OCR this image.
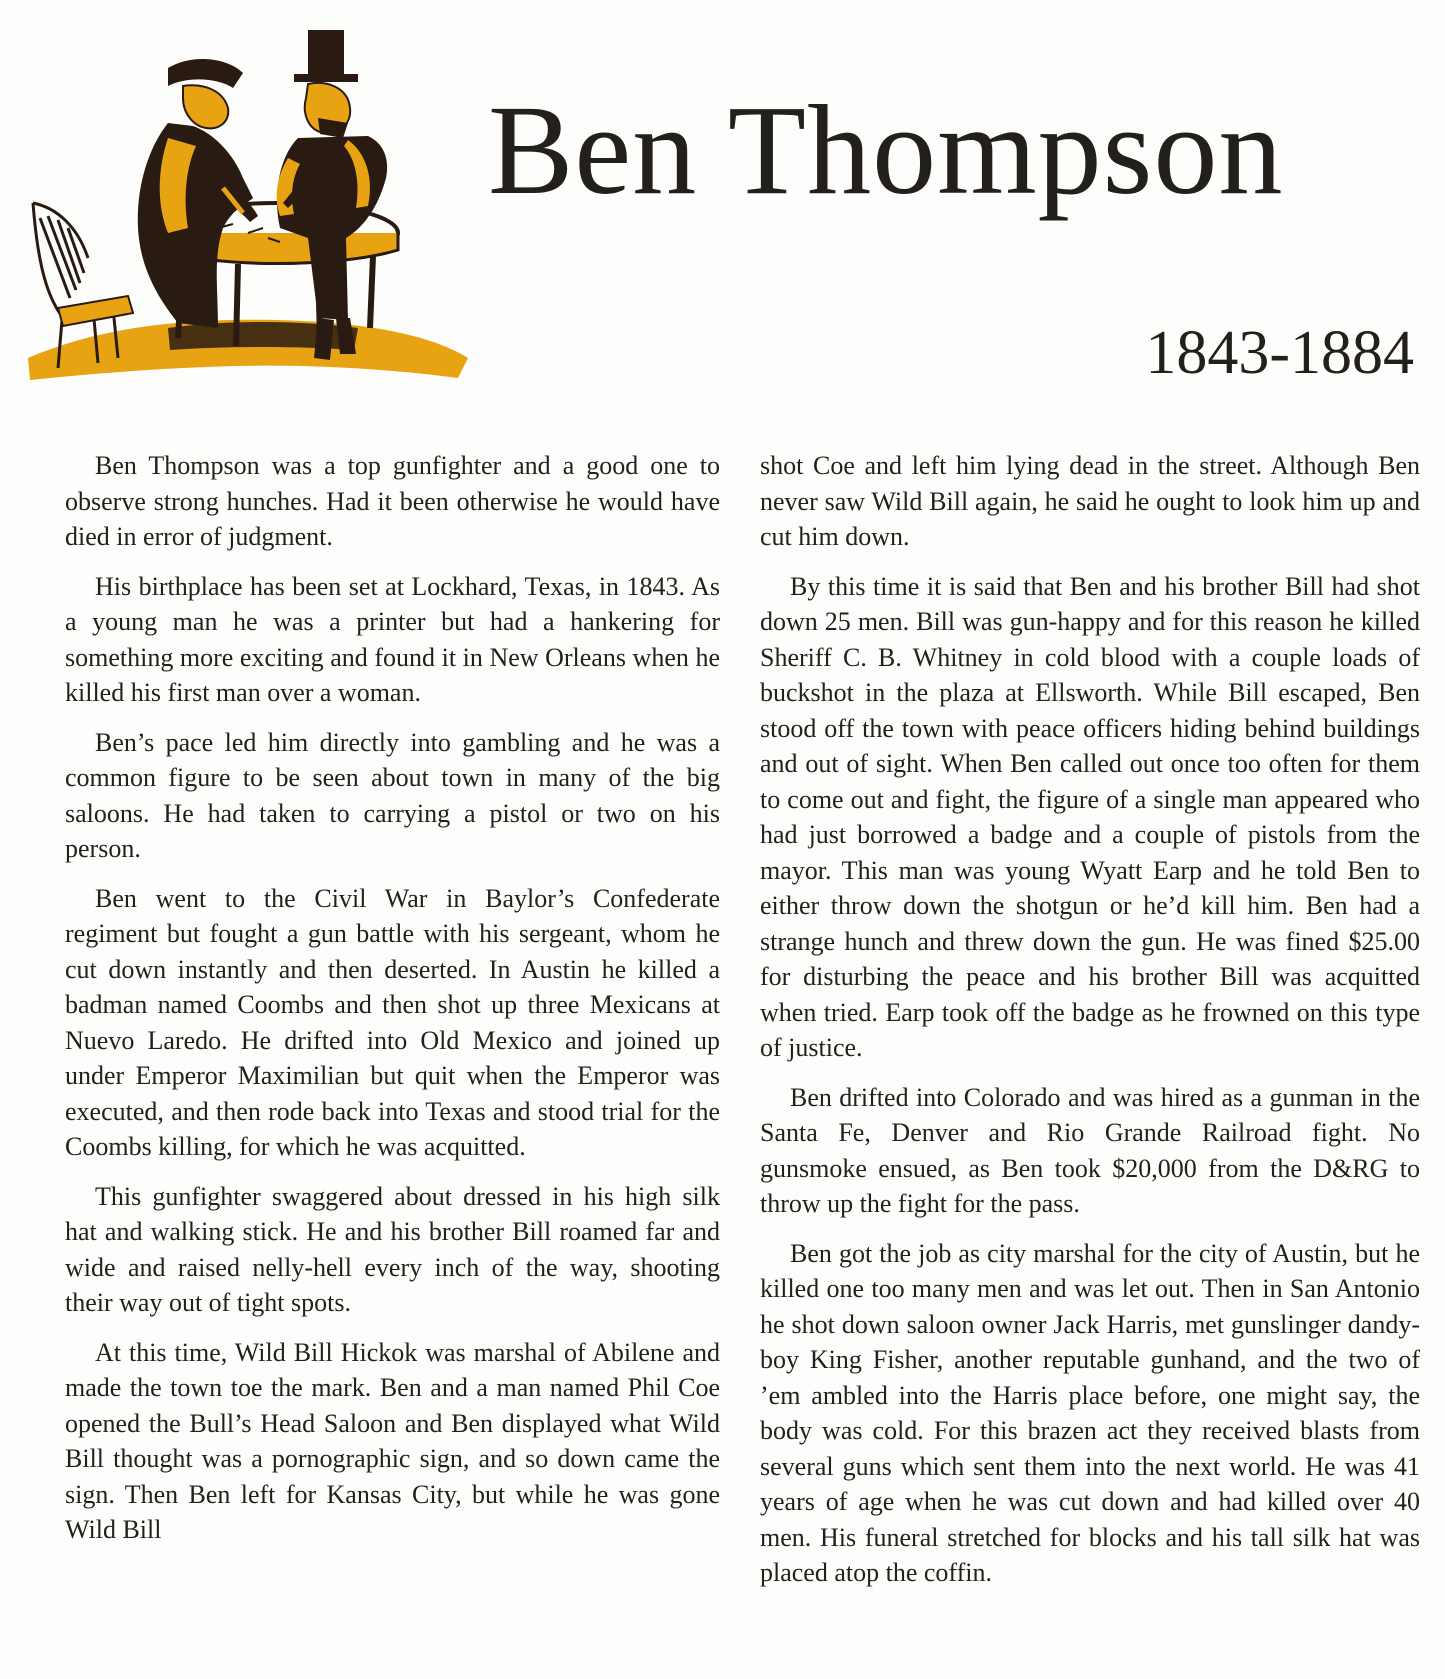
Ben Thompson
1843-1884

Ben Thompson was a top gunfighter and a good one to observe strong hunches. Had it been otherwise he would have died in error of judgment.

His birthplace has been set at Lockhard, Texas, in 1843. As a young man he was a printer but had a hankering for something more exciting and found it in New Orleans when he killed his first man over a woman.

Ben’s pace led him directly into gambling and he was a common figure to be seen about town in many of the big saloons. He had taken to carrying a pistol or two on his person.

Ben went to the Civil War in Baylor’s Confederate regiment but fought a gun battle with his sergeant, whom he cut down instantly and then deserted. In Austin he killed a badman named Coombs and then shot up three Mexicans at Nuevo Laredo. He drifted into Old Mexico and joined up under Emperor Maximilian but quit when the Emperor was executed, and then rode back into Texas and stood trial for the Coombs killing, for which he was acquitted.

This gunfighter swaggered about dressed in his high silk hat and walking stick. He and his brother Bill roamed far and wide and raised nelly-hell every inch of the way, shooting their way out of tight spots.

At this time, Wild Bill Hickok was marshal of Abilene and made the town toe the mark. Ben and a man named Phil Coe opened the Bull’s Head Saloon and Ben displayed what Wild Bill thought was a pornographic sign, and so down came the sign. Then Ben left for Kansas City, but while he was gone Wild Bill

shot Coe and left him lying dead in the street. Although Ben never saw Wild Bill again, he said he ought to look him up and cut him down.

By this time it is said that Ben and his brother Bill had shot down 25 men. Bill was gun-happy and for this reason he killed Sheriff C. B. Whitney in cold blood with a couple loads of buckshot in the plaza at Ellsworth. While Bill escaped, Ben stood off the town with peace officers hiding behind buildings and out of sight. When Ben called out once too often for them to come out and fight, the figure of a single man appeared who had just borrowed a badge and a couple of pistols from the mayor. This man was young Wyatt Earp and he told Ben to either throw down the shotgun or he’d kill him. Ben had a strange hunch and threw down the gun. He was fined $25.00 for disturbing the peace and his brother Bill was acquitted when tried. Earp took off the badge as he frowned on this type of justice.

Ben drifted into Colorado and was hired as a gunman in the Santa Fe, Denver and Rio Grande Railroad fight. No gunsmoke ensued, as Ben took $20,000 from the D&RG to throw up the fight for the pass.

Ben got the job as city marshal for the city of Austin, but he killed one too many men and was let out. Then in San Antonio he shot down saloon owner Jack Harris, met gunslinger dandy-boy King Fisher, another reputable gunhand, and the two of ’em ambled into the Harris place before, one might say, the body was cold. For this brazen act they received blasts from several guns which sent them into the next world. He was 41 years of age when he was cut down and had killed over 40 men. His funeral stretched for blocks and his tall silk hat was placed atop the coffin.
